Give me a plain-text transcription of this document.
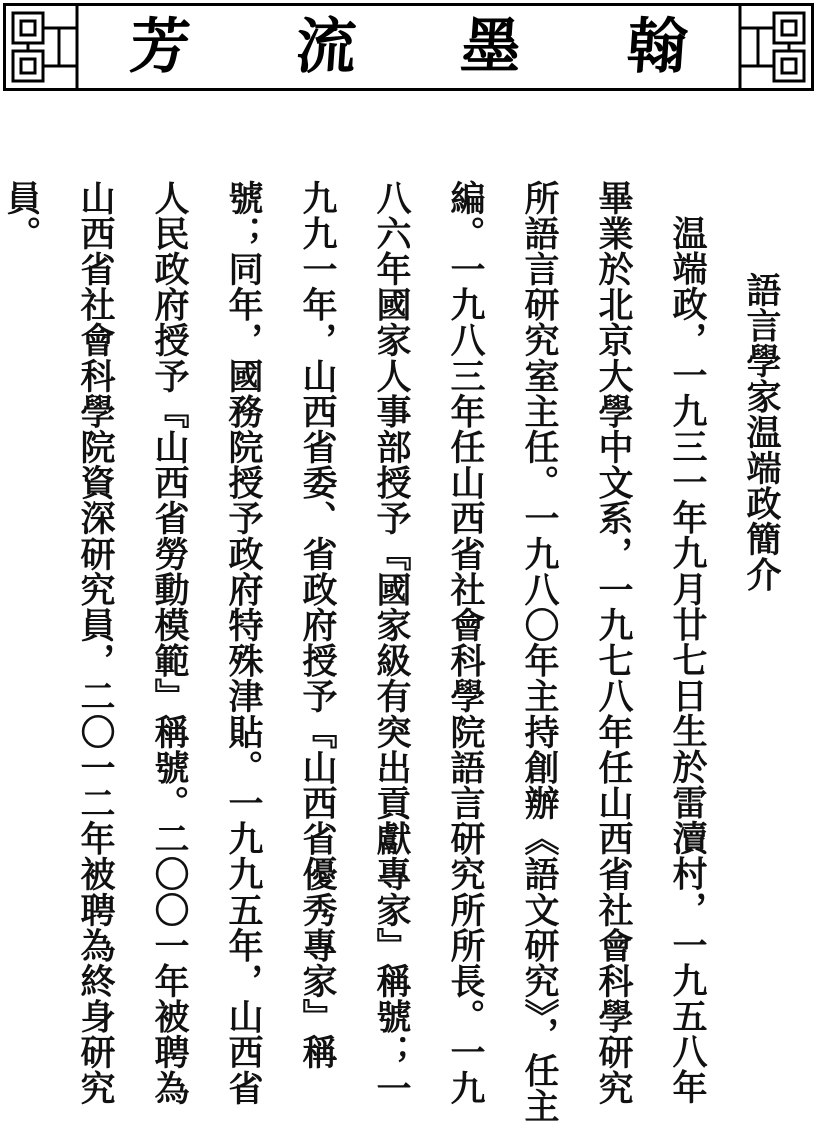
芳 流 墨 翰
語言學家温端政簡介
温端政，一九三一年九月廿七日生於雷瀆村，一九五八年畢業於北京大學中文系，一九七八年任山西省社會科學研究所語言研究室主任。一九八〇年主持創辦《語文研究》，任主編。一九八三年任山西省社會科學院語言研究所所長。一九八六年國家人事部授予『國家級有突出貢獻專家』稱號；一九九一年，山西省委、省政府授予『山西省優秀專家』稱號；同年，國務院授予政府特殊津貼。一九九五年，山西省人民政府授予『山西省勞動模範』稱號。二〇〇一年被聘為山西省社會科學院資深研究員，二〇一二年被聘為終身研究員。
